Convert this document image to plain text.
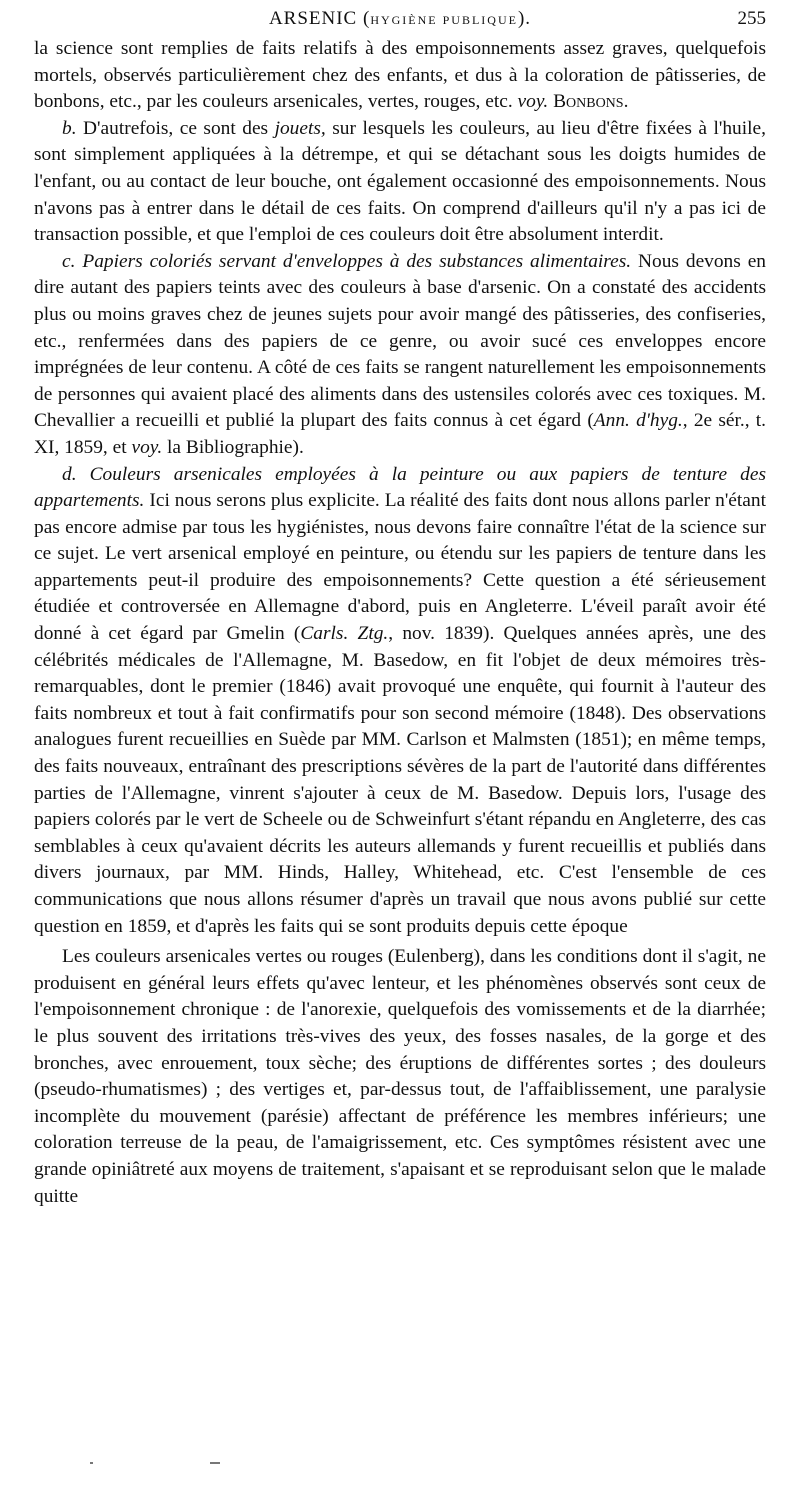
ARSENIC (HYGIÈNE PUBLIQUE).	255

la science sont remplies de faits relatifs à des empoisonnements assez graves, quelquefois mortels, observés particulièrement chez des enfants, et dus à la coloration de pâtisseries, de bonbons, etc., par les couleurs arsenicales, vertes, rouges, etc. voy. Bonbons.

b. D'autrefois, ce sont des jouets, sur lesquels les couleurs, au lieu d'être fixées à l'huile, sont simplement appliquées à la détrempe, et qui se détachant sous les doigts humides de l'enfant, ou au contact de leur bouche, ont également occasionné des empoisonnements. Nous n'avons pas à entrer dans le détail de ces faits. On comprend d'ailleurs qu'il n'y a pas ici de transaction possible, et que l'emploi de ces couleurs doit être absolument interdit.

c. Papiers coloriés servant d'enveloppes à des substances alimentaires. Nous devons en dire autant des papiers teints avec des couleurs à base d'arsenic. On a constaté des accidents plus ou moins graves chez de jeunes sujets pour avoir mangé des pâtisseries, des confiseries, etc., renfermées dans des papiers de ce genre, ou avoir sucé ces enveloppes encore imprégnées de leur contenu. A côté de ces faits se rangent naturellement les empoisonnements de personnes qui avaient placé des aliments dans des ustensiles colorés avec ces toxiques. M. Chevallier a recueilli et publié la plupart des faits connus à cet égard (Ann. d'hyg., 2e sér., t. XI, 1859, et voy. la Bibliographie).

d. Couleurs arsenicales employées à la peinture ou aux papiers de tenture des appartements. Ici nous serons plus explicite. La réalité des faits dont nous allons parler n'étant pas encore admise par tous les hygiénistes, nous devons faire connaître l'état de la science sur ce sujet. Le vert arsenical employé en peinture, ou étendu sur les papiers de tenture dans les appartements peut-il produire des empoisonnements? Cette question a été sérieusement étudiée et controversée en Allemagne d'abord, puis en Angleterre. L'éveil paraît avoir été donné à cet égard par Gmelin (Carls. Ztg., nov. 1839). Quelques années après, une des célébrités médicales de l'Allemagne, M. Basedow, en fit l'objet de deux mémoires très-remarquables, dont le premier (1846) avait provoqué une enquête, qui fournit à l'auteur des faits nombreux et tout à fait confirmatifs pour son second mémoire (1848). Des observations analogues furent recueillies en Suède par MM. Carlson et Malmsten (1851); en même temps, des faits nouveaux, entraînant des prescriptions sévères de la part de l'autorité dans différentes parties de l'Allemagne, vinrent s'ajouter à ceux de M. Basedow. Depuis lors, l'usage des papiers colorés par le vert de Scheele ou de Schweinfurt s'étant répandu en Angleterre, des cas semblables à ceux qu'avaient décrits les auteurs allemands y furent recueillis et publiés dans divers journaux, par MM. Hinds, Halley, Whitehead, etc. C'est l'ensemble de ces communications que nous allons résumer d'après un travail que nous avons publié sur cette question en 1859, et d'après les faits qui se sont produits depuis cette époque

Les couleurs arsenicales vertes ou rouges (Eulenberg), dans les conditions dont il s'agit, ne produisent en général leurs effets qu'avec lenteur, et les phénomènes observés sont ceux de l'empoisonnement chronique : de l'anorexie, quelquefois des vomissements et de la diarrhée; le plus souvent des irritations très-vives des yeux, des fosses nasales, de la gorge et des bronches, avec enrouement, toux sèche; des éruptions de différentes sortes ; des douleurs (pseudo-rhumatismes) ; des vertiges et, par-dessus tout, de l'affaiblissement, une paralysie incomplète du mouvement (parésie) affectant de préférence les membres inférieurs; une coloration terreuse de la peau, de l'amaigrissement, etc. Ces symptômes résistent avec une grande opiniâtreté aux moyens de traitement, s'apaisant et se reproduisant selon que le malade quitte
